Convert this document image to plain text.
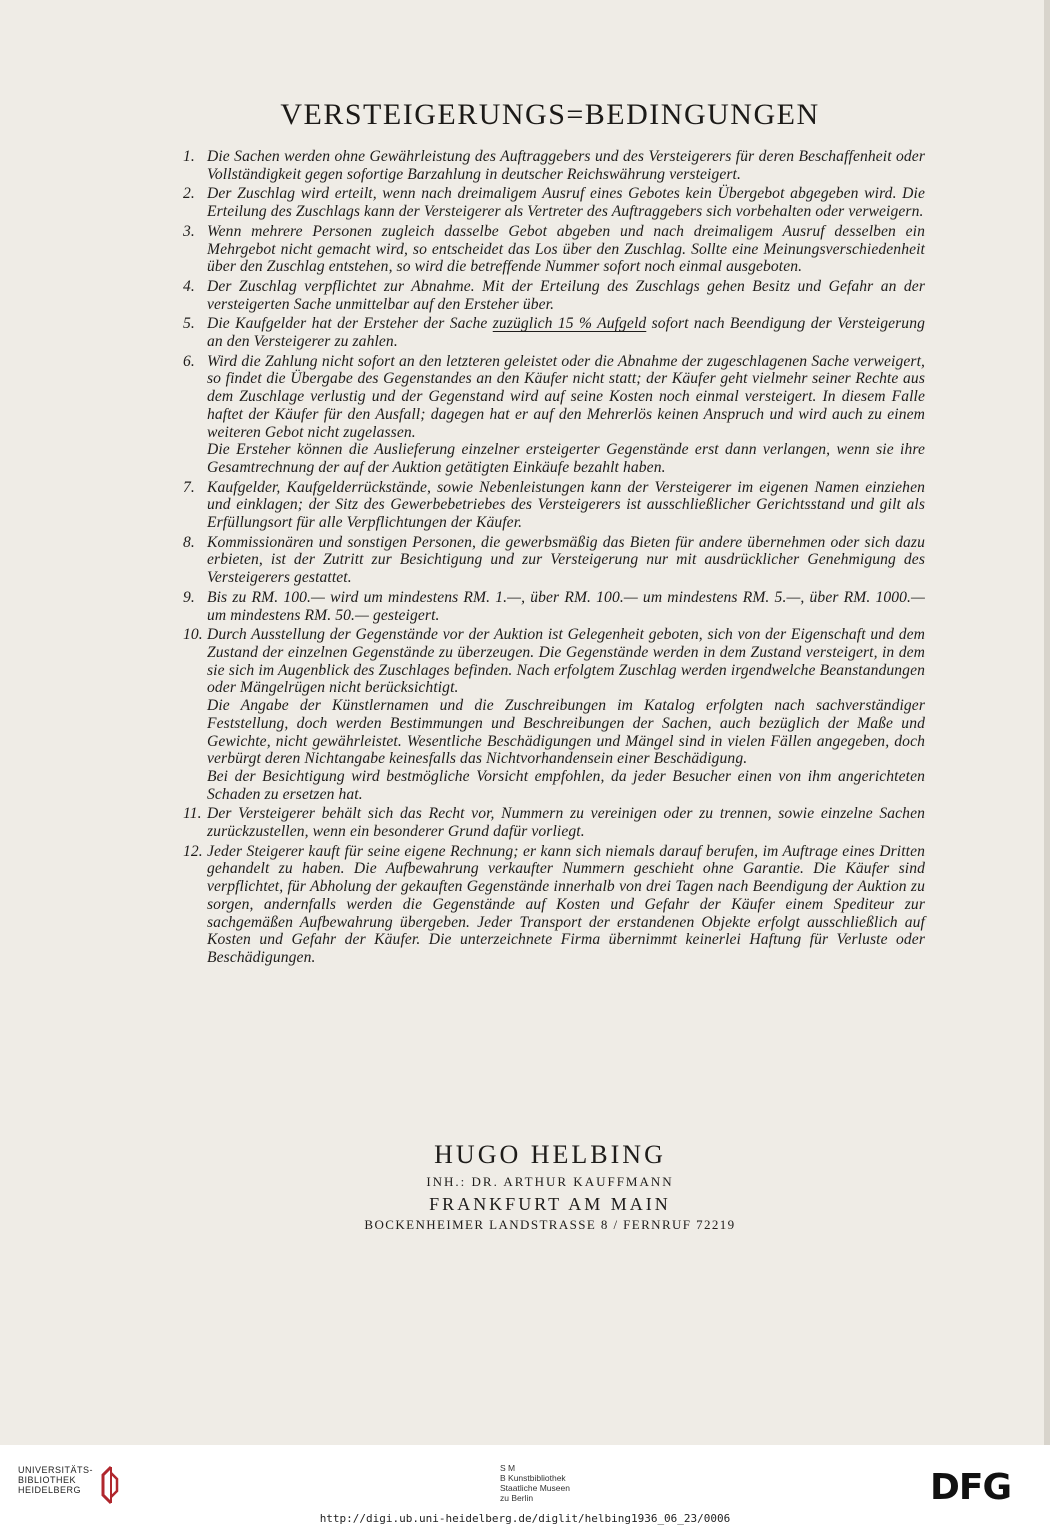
VERSTEIGERUNGS=BEDINGUNGEN
1. Die Sachen werden ohne Gewährleistung des Auftraggebers und des Versteigerers für deren Beschaffenheit oder Vollständigkeit gegen sofortige Barzahlung in deutscher Reichswährung versteigert.

2. Der Zuschlag wird erteilt, wenn nach dreimaligem Ausruf eines Gebotes kein Übergebot abgegeben wird. Die Erteilung des Zuschlags kann der Versteigerer als Vertreter des Auftraggebers sich vorbehalten oder verweigern.

3. Wenn mehrere Personen zugleich dasselbe Gebot abgeben und nach dreimaligem Ausruf desselben ein Mehrgebot nicht gemacht wird, so entscheidet das Los über den Zuschlag. Sollte eine Meinungsverschiedenheit über den Zuschlag entstehen, so wird die betreffende Nummer sofort noch einmal ausgeboten.

4. Der Zuschlag verpflichtet zur Abnahme. Mit der Erteilung des Zuschlags gehen Besitz und Gefahr an der versteigerten Sache unmittelbar auf den Ersteher über.

5. Die Kaufgelder hat der Ersteher der Sache zuzüglich 15 % Aufgeld sofort nach Beendigung der Versteigerung an den Versteigerer zu zahlen.

6. Wird die Zahlung nicht sofort an den letzteren geleistet oder die Abnahme der zugeschlagenen Sache verweigert, so findet die Übergabe des Gegenstandes an den Käufer nicht statt; der Käufer geht vielmehr seiner Rechte aus dem Zuschlage verlustig und der Gegenstand wird auf seine Kosten noch einmal versteigert. In diesem Falle haftet der Käufer für den Ausfall; dagegen hat er auf den Mehrerlös keinen Anspruch und wird auch zu einem weiteren Gebot nicht zugelassen.

Die Ersteher können die Auslieferung einzelner ersteigerter Gegenstände erst dann verlangen, wenn sie ihre Gesamtrechnung der auf der Auktion getätigten Einkäufe bezahlt haben.

7. Kaufgelder, Kaufgelderrückstände, sowie Nebenleistungen kann der Versteigerer im eigenen Namen einziehen und einklagen; der Sitz des Gewerbebetriebes des Versteigerers ist ausschließlicher Gerichtsstand und gilt als Erfüllungsort für alle Verpflichtungen der Käufer.

8. Kommissionären und sonstigen Personen, die gewerbsmäßig das Bieten für andere übernehmen oder sich dazu erbieten, ist der Zutritt zur Besichtigung und zur Versteigerung nur mit ausdrücklicher Genehmigung des Versteigerers gestattet.

9. Bis zu RM. 100.— wird um mindestens RM. 1.—, über RM. 100.— um mindestens RM. 5.—, über RM. 1000.— um mindestens RM. 50.— gesteigert.

10. Durch Ausstellung der Gegenstände vor der Auktion ist Gelegenheit geboten, sich von der Eigenschaft und dem Zustand der einzelnen Gegenstände zu überzeugen. Die Gegenstände werden in dem Zustand versteigert, in dem sie sich im Augenblick des Zuschlages befinden. Nach erfolgtem Zuschlag werden irgendwelche Beanstandungen oder Mängelrügen nicht berücksichtigt.

Die Angabe der Künstlernamen und die Zuschreibungen im Katalog erfolgten nach sachverständiger Feststellung, doch werden Bestimmungen und Beschreibungen der Sachen, auch bezüglich der Maße und Gewichte, nicht gewährleistet. Wesentliche Beschädigungen und Mängel sind in vielen Fällen angegeben, doch verbürgt deren Nichtangabe keinesfalls das Nichtvorhandensein einer Beschädigung.

Bei der Besichtigung wird bestmögliche Vorsicht empfohlen, da jeder Besucher einen von ihm angerichteten Schaden zu ersetzen hat.

11. Der Versteigerer behält sich das Recht vor, Nummern zu vereinigen oder zu trennen, sowie einzelne Sachen zurückzustellen, wenn ein besonderer Grund dafür vorliegt.

12. Jeder Steigerer kauft für seine eigene Rechnung; er kann sich niemals darauf berufen, im Auftrage eines Dritten gehandelt zu haben. Die Aufbewahrung verkaufter Nummern geschieht ohne Garantie. Die Käufer sind verpflichtet, für Abholung der gekauften Gegenstände innerhalb von drei Tagen nach Beendigung der Auktion zu sorgen, andernfalls werden die Gegenstände auf Kosten und Gefahr der Käufer einem Spediteur zur sachgemäßen Aufbewahrung übergeben. Jeder Transport der erstandenen Objekte erfolgt ausschließlich auf Kosten und Gefahr der Käufer. Die unterzeichnete Firma übernimmt keinerlei Haftung für Verluste oder Beschädigungen.

HUGO HELBING
INH.: DR. ARTHUR KAUFFMANN
FRANKFURT AM MAIN
BOCKENHEIMER LANDSTRASSE 8 / FERNRUF 72219
UNIVERSITÄTS-
BIBLIOTHEK
HEIDELBERG
S M
B Kunstbibliothek
Staatliche Museen
zu Berlin	DFG
http://digi.ub.uni-heidelberg.de/diglit/helbing1936_06_23/0006
